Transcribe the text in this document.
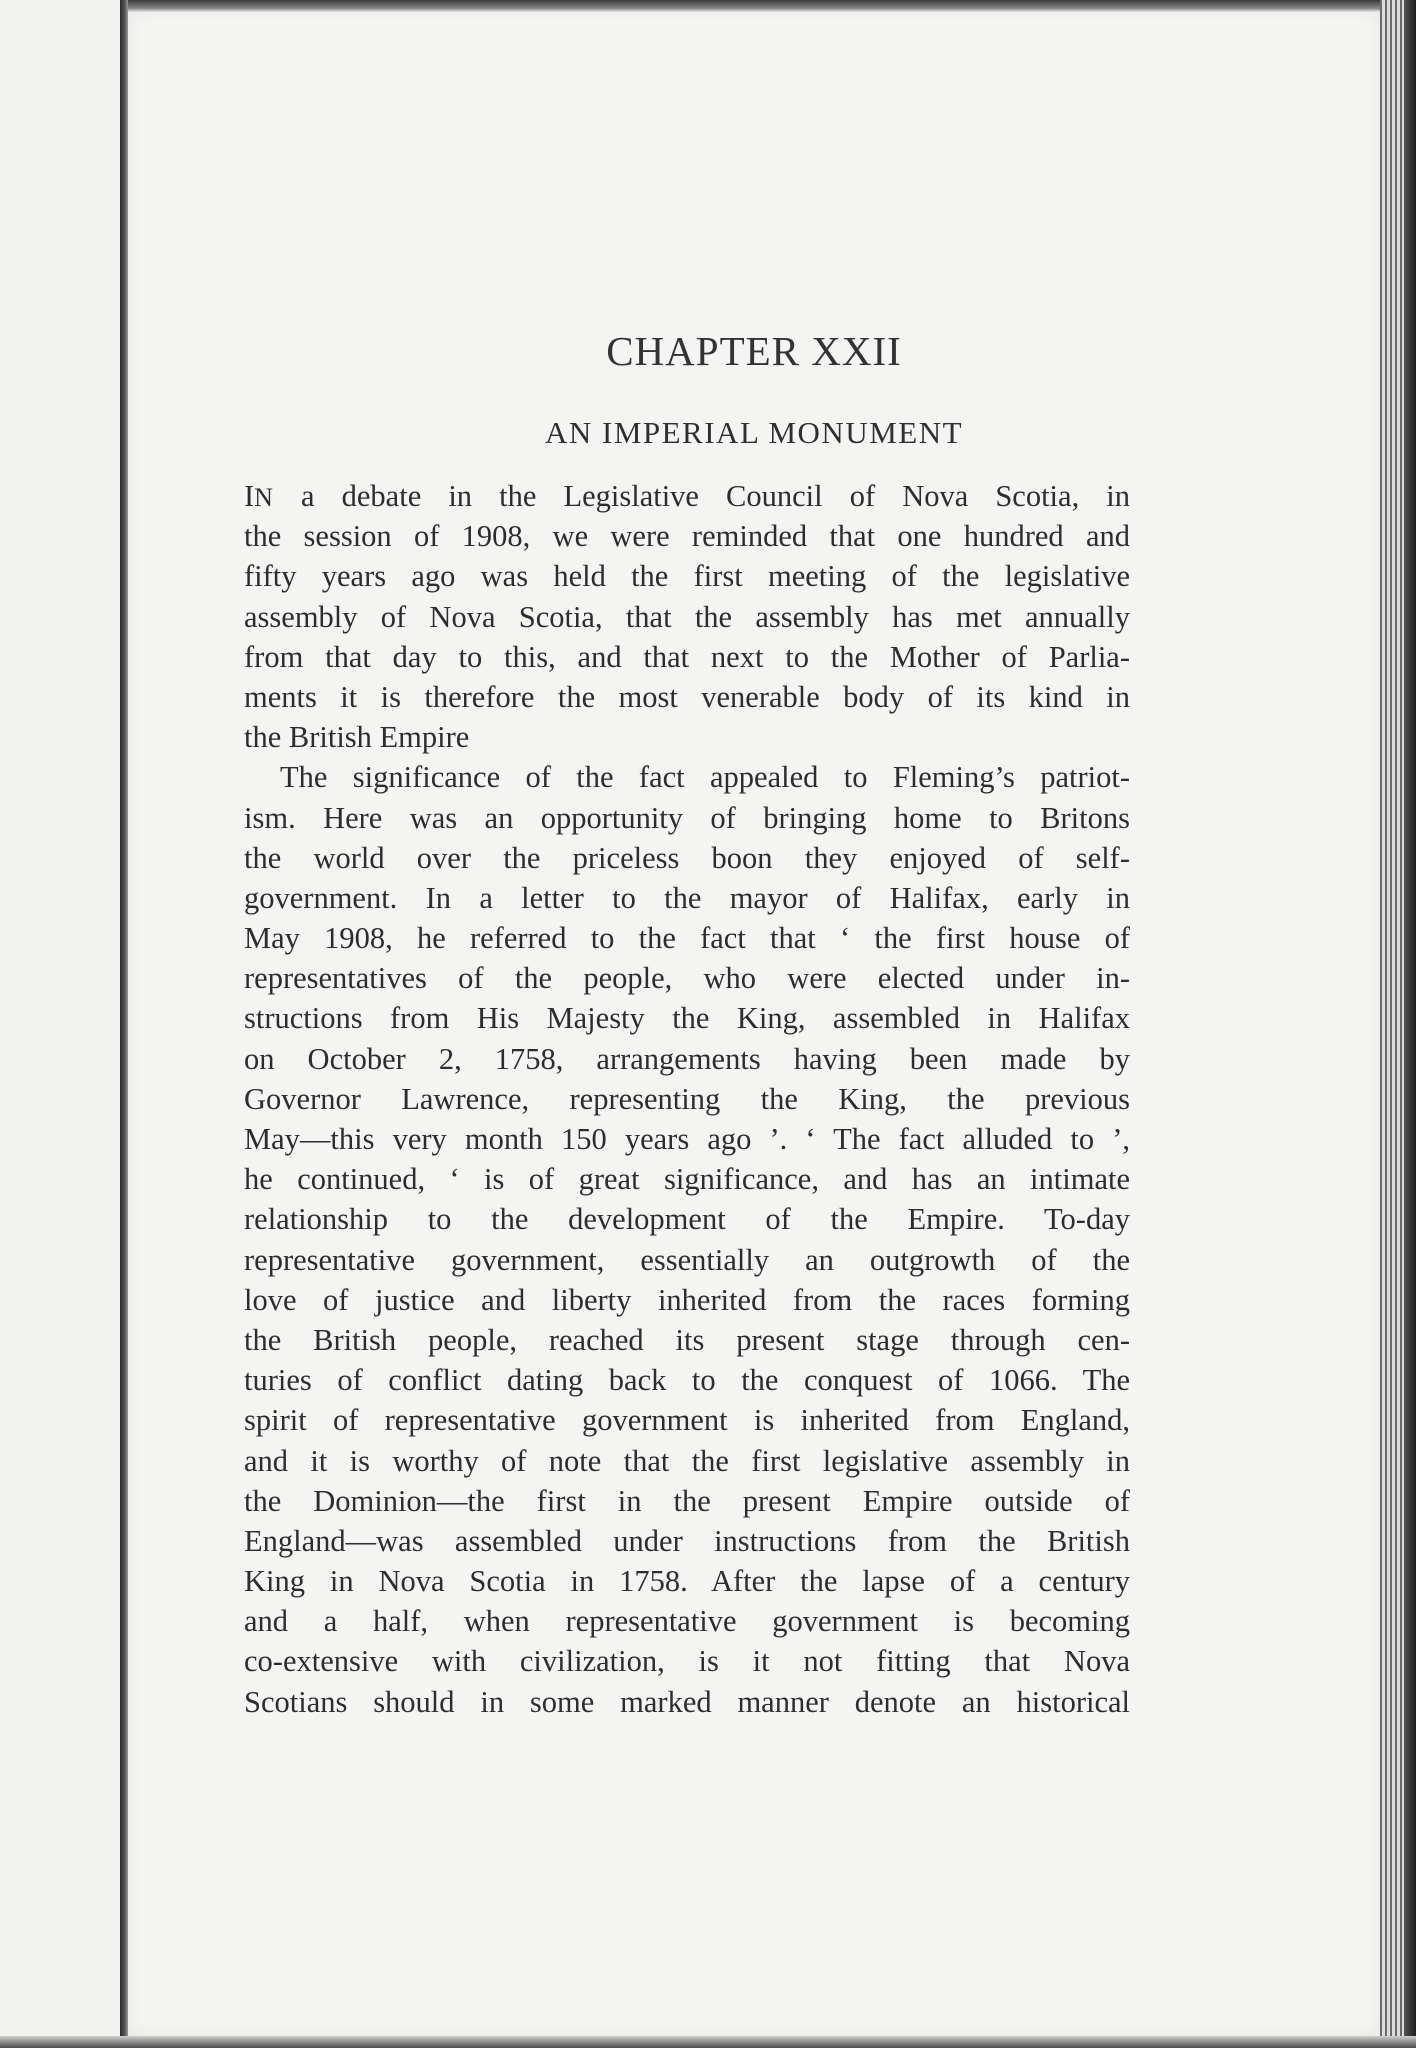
CHAPTER XXII
AN IMPERIAL MONUMENT
IN a debate in the Legislative Council of Nova Scotia, in
the session of 1908, we were reminded that one hundred and
fifty years ago was held the first meeting of the legislative
assembly of Nova Scotia, that the assembly has met annually
from that day to this, and that next to the Mother of Parlia-
ments it is therefore the most venerable body of its kind in
the British Empire
The significance of the fact appealed to Fleming’s patriot-
ism. Here was an opportunity of bringing home to Britons
the world over the priceless boon they enjoyed of self-
government. In a letter to the mayor of Halifax, early in
May 1908, he referred to the fact that ‘ the first house of
representatives of the people, who were elected under in-
structions from His Majesty the King, assembled in Halifax
on October 2, 1758, arrangements having been made by
Governor Lawrence, representing the King, the previous
May—this very month 150 years ago ’. ‘ The fact alluded to ’,
he continued, ‘ is of great significance, and has an intimate
relationship to the development of the Empire. To-day
representative government, essentially an outgrowth of the
love of justice and liberty inherited from the races forming
the British people, reached its present stage through cen-
turies of conflict dating back to the conquest of 1066. The
spirit of representative government is inherited from England,
and it is worthy of note that the first legislative assembly in
the Dominion—the first in the present Empire outside of
England—was assembled under instructions from the British
King in Nova Scotia in 1758. After the lapse of a century
and a half, when representative government is becoming
co-extensive with civilization, is it not fitting that Nova
Scotians should in some marked manner denote an historical
